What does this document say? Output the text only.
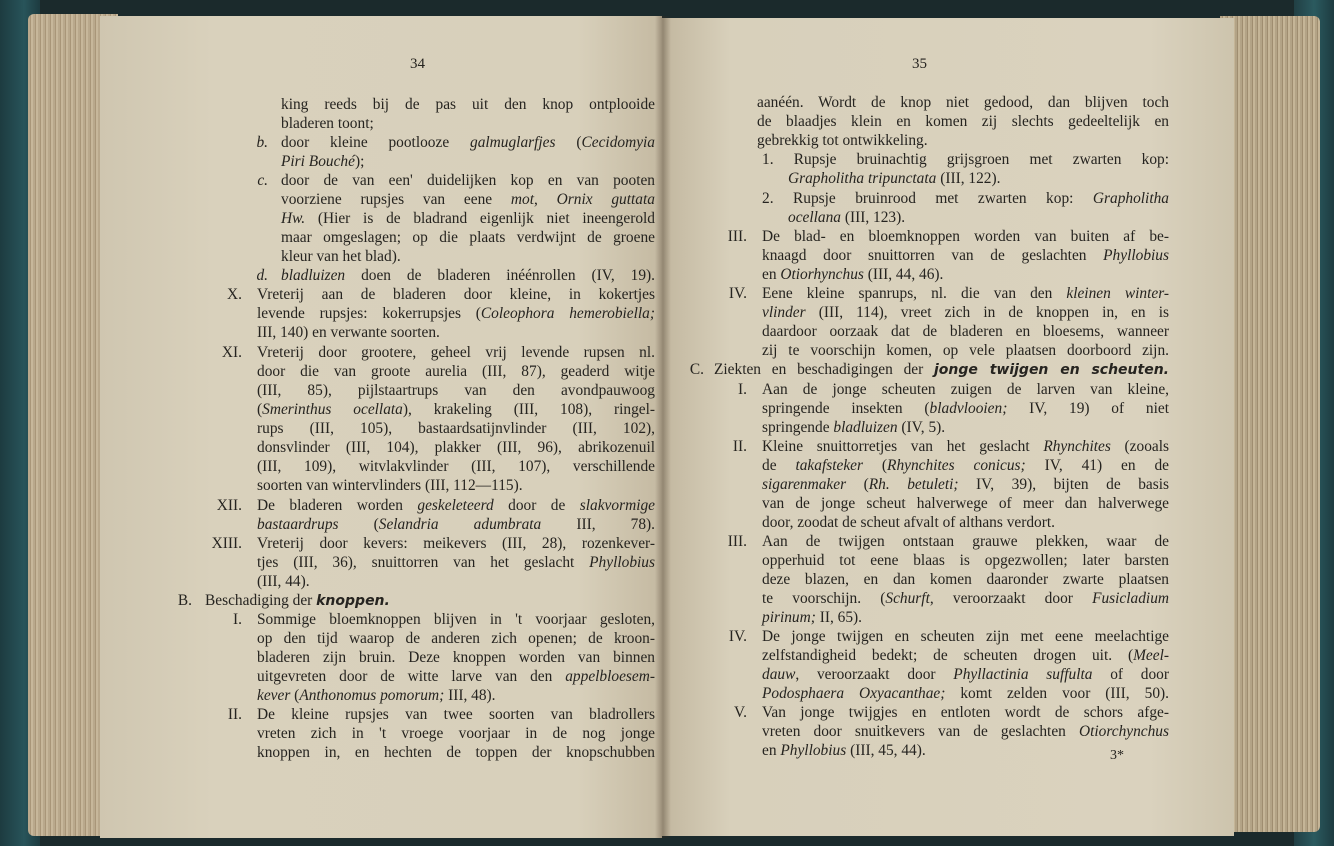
34
king reeds bij de pas uit den knop ontplooide
bladeren toont;
b. door kleine pootlooze galmuglarfjes (Cecidomyia
Piri Bouché);
c. door de van een' duidelijken kop en van pooten
voorziene rupsjes van eene mot, Ornix guttata
Hw. (Hier is de bladrand eigenlijk niet ineengerold
maar omgeslagen; op die plaats verdwijnt de groene
kleur van het blad).
d. bladluizen doen de bladeren inéénrollen (IV, 19).
X. Vreterij aan de bladeren door kleine, in kokertjes
levende rupsjes: kokerrupsjes (Coleophora hemerobiella;
III, 140) en verwante soorten.
XI. Vreterij door grootere, geheel vrij levende rupsen nl.
door die van groote aurelia (III, 87), geaderd witje
(III, 85), pijlstaartrups van den avondpauwoog
(Smerinthus ocellata), krakeling (III, 108), ringel-
rups (III, 105), bastaardsatijnvlinder (III, 102),
donsvlinder (III, 104), plakker (III, 96), abrikozenuil
(III, 109), witvlakvlinder (III, 107), verschillende
soorten van wintervlinders (III, 112—115).
XII. De bladeren worden geskeleteerd door de slakvormige
bastaardrups (Selandria adumbrata III, 78).
XIII. Vreterij door kevers: meikevers (III, 28), rozenkever-
tjes (III, 36), snuittorren van het geslacht Phyllobius
(III, 44).
B. Beschadiging der knoppen.
I. Sommige bloemknoppen blijven in 't voorjaar gesloten,
op den tijd waarop de anderen zich openen; de kroon-
bladeren zijn bruin. Deze knoppen worden van binnen
uitgevreten door de witte larve van den appelbloesem-
kever (Anthonomus pomorum; III, 48).
II. De kleine rupsjes van twee soorten van bladrollers
vreten zich in 't vroege voorjaar in de nog jonge
knoppen in, en hechten de toppen der knopschubben
35
aanéén. Wordt de knop niet gedood, dan blijven toch
de blaadjes klein en komen zij slechts gedeeltelijk en
gebrekkig tot ontwikkeling.
1. Rupsje bruinachtig grijsgroen met zwarten kop:
Grapholitha tripunctata (III, 122).
2. Rupsje bruinrood met zwarten kop: Grapholitha
ocellana (III, 123).
III. De blad- en bloemknoppen worden van buiten af be-
knaagd door snuittorren van de geslachten Phyllobius
en Otiorhynchus (III, 44, 46).
IV. Eene kleine spanrups, nl. die van den kleinen winter-
vlinder (III, 114), vreet zich in de knoppen in, en is
daardoor oorzaak dat de bladeren en bloesems, wanneer
zij te voorschijn komen, op vele plaatsen doorboord zijn.
C. Ziekten en beschadigingen der jonge twijgen en scheuten.
I. Aan de jonge scheuten zuigen de larven van kleine,
springende insekten (bladvlooien; IV, 19) of niet
springende bladluizen (IV, 5).
II. Kleine snuittorretjes van het geslacht Rhynchites (zooals
de takafsteker (Rhynchites conicus; IV, 41) en de
sigarenmaker (Rh. betuleti; IV, 39), bijten de basis
van de jonge scheut halverwege of meer dan halverwege
door, zoodat de scheut afvalt of althans verdort.
III. Aan de twijgen ontstaan grauwe plekken, waar de
opperhuid tot eene blaas is opgezwollen; later barsten
deze blazen, en dan komen daaronder zwarte plaatsen
te voorschijn. (Schurft, veroorzaakt door Fusicladium
pirinum; II, 65).
IV. De jonge twijgen en scheuten zijn met eene meelachtige
zelfstandigheid bedekt; de scheuten drogen uit. (Meel-
dauw, veroorzaakt door Phyllactinia suffulta of door
Podosphaera Oxyacanthae; komt zelden voor (III, 50).
V. Van jonge twijgjes en entloten wordt de schors afge-
vreten door snuitkevers van de geslachten Otiorchynchus
en Phyllobius (III, 45, 44).	3*
